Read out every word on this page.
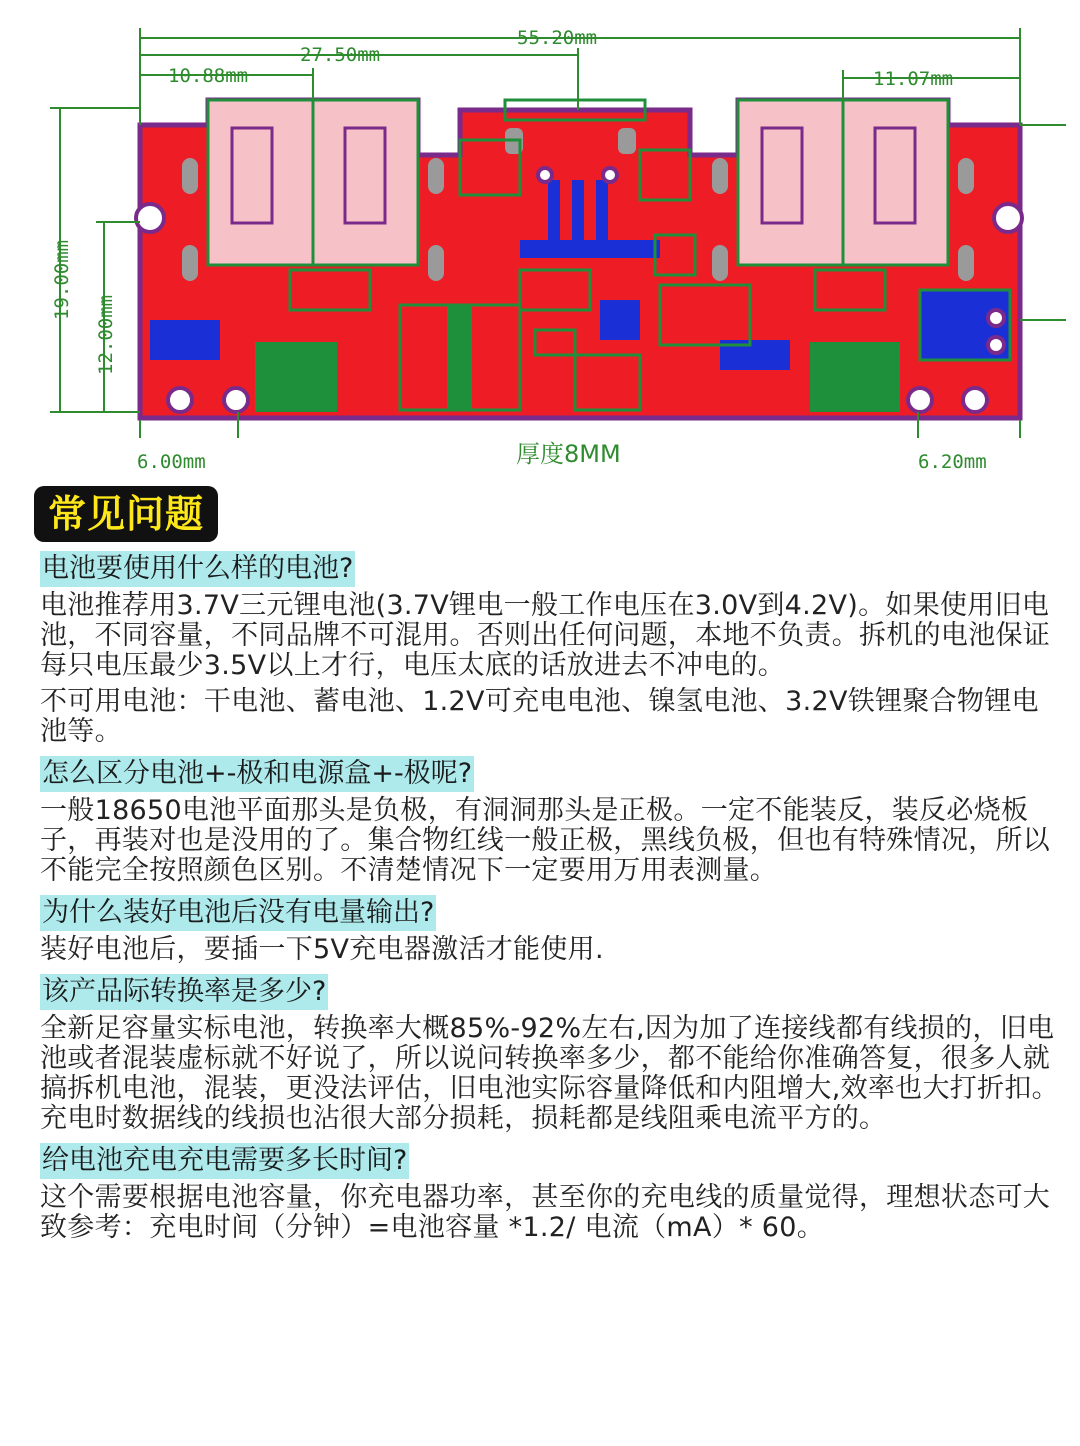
55.20mm
27.50mm
10.88mm	11.07mm
19.00mm
12.00mm
6.00mm	6.20mm
厚度8MM
常见问题
电池要使用什么样的电池?
电池推荐用3.7V三元锂电池(3.7V锂电一般工作电压在3.0V到4.2V)。如果使用旧电池，不同容量，不同品牌不可混用。否则出任何问题，本地不负责。拆机的电池保证每只电压最少3.5V以上才行，电压太底的话放进去不冲电的。
不可用电池：干电池、蓄电池、1.2V可充电电池、镍氢电池、3.2V铁锂聚合物锂电池等。
怎么区分电池+-极和电源盒+-极呢?
一般18650电池平面那头是负极，有洞洞那头是正极。一定不能装反，装反必烧板子，再装对也是没用的了。集合物红线一般正极，黑线负极，但也有特殊情况，所以不能完全按照颜色区别。不清楚情况下一定要用万用表测量。
为什么装好电池后没有电量输出?
装好电池后，要插一下5V充电器激活才能使用.
该产品际转换率是多少?
全新足容量实标电池，转换率大概85%-92%左右,因为加了连接线都有线损的，旧电池或者混装虚标就不好说了，所以说问转换率多少，都不能给你准确答复，很多人就搞拆机电池，混装，更没法评估，旧电池实际容量降低和内阻增大,效率也大打折扣。充电时数据线的线损也沾很大部分损耗，损耗都是线阻乘电流平方的。
给电池充电充电需要多长时间?
这个需要根据电池容量，你充电器功率，甚至你的充电线的质量觉得，理想状态可大致参考：充电时间（分钟）=电池容量 *1.2/ 电流（mA）* 60。
